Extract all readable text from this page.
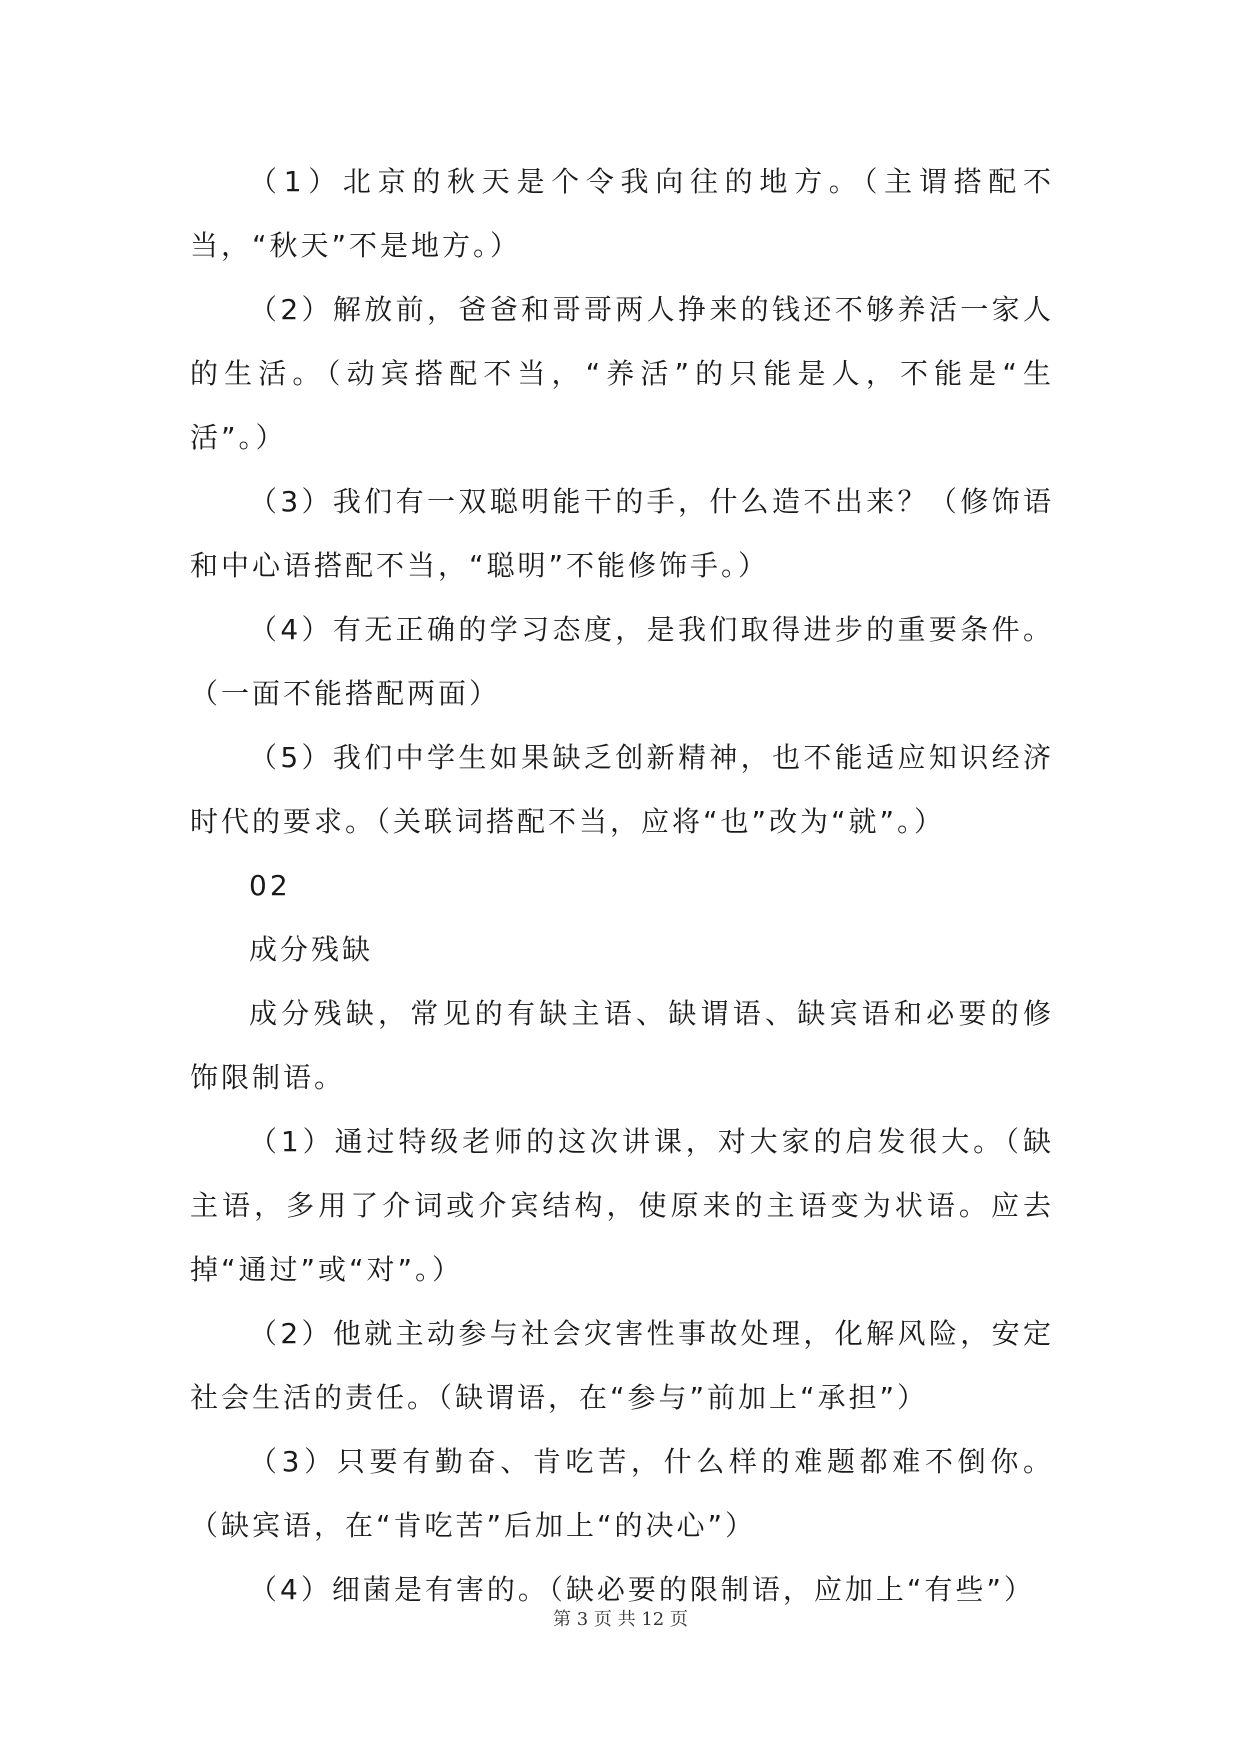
（1）北京的秋天是个令我向往的地方。（主谓搭配不当，“秋天”不是地方。）

（2）解放前，爸爸和哥哥两人挣来的钱还不够养活一家人的生活。（动宾搭配不当，“养活”的只能是人，不能是“生活”。）

（3）我们有一双聪明能干的手，什么造不出来？（修饰语和中心语搭配不当，“聪明”不能修饰手。）

（4）有无正确的学习态度，是我们取得进步的重要条件。（一面不能搭配两面）

（5）我们中学生如果缺乏创新精神，也不能适应知识经济时代的要求。（关联词搭配不当，应将“也”改为“就”。）

02

成分残缺

成分残缺，常见的有缺主语、缺谓语、缺宾语和必要的修饰限制语。

（1）通过特级老师的这次讲课，对大家的启发很大。（缺主语，多用了介词或介宾结构，使原来的主语变为状语。应去掉“通过”或“对”。）

（2）他就主动参与社会灾害性事故处理，化解风险，安定社会生活的责任。（缺谓语，在“参与”前加上“承担”）

（3）只要有勤奋、肯吃苦，什么样的难题都难不倒你。（缺宾语，在“肯吃苦”后加上“的决心”）

（4）细菌是有害的。（缺必要的限制语，应加上“有些”）

第 3 页 共 12 页
